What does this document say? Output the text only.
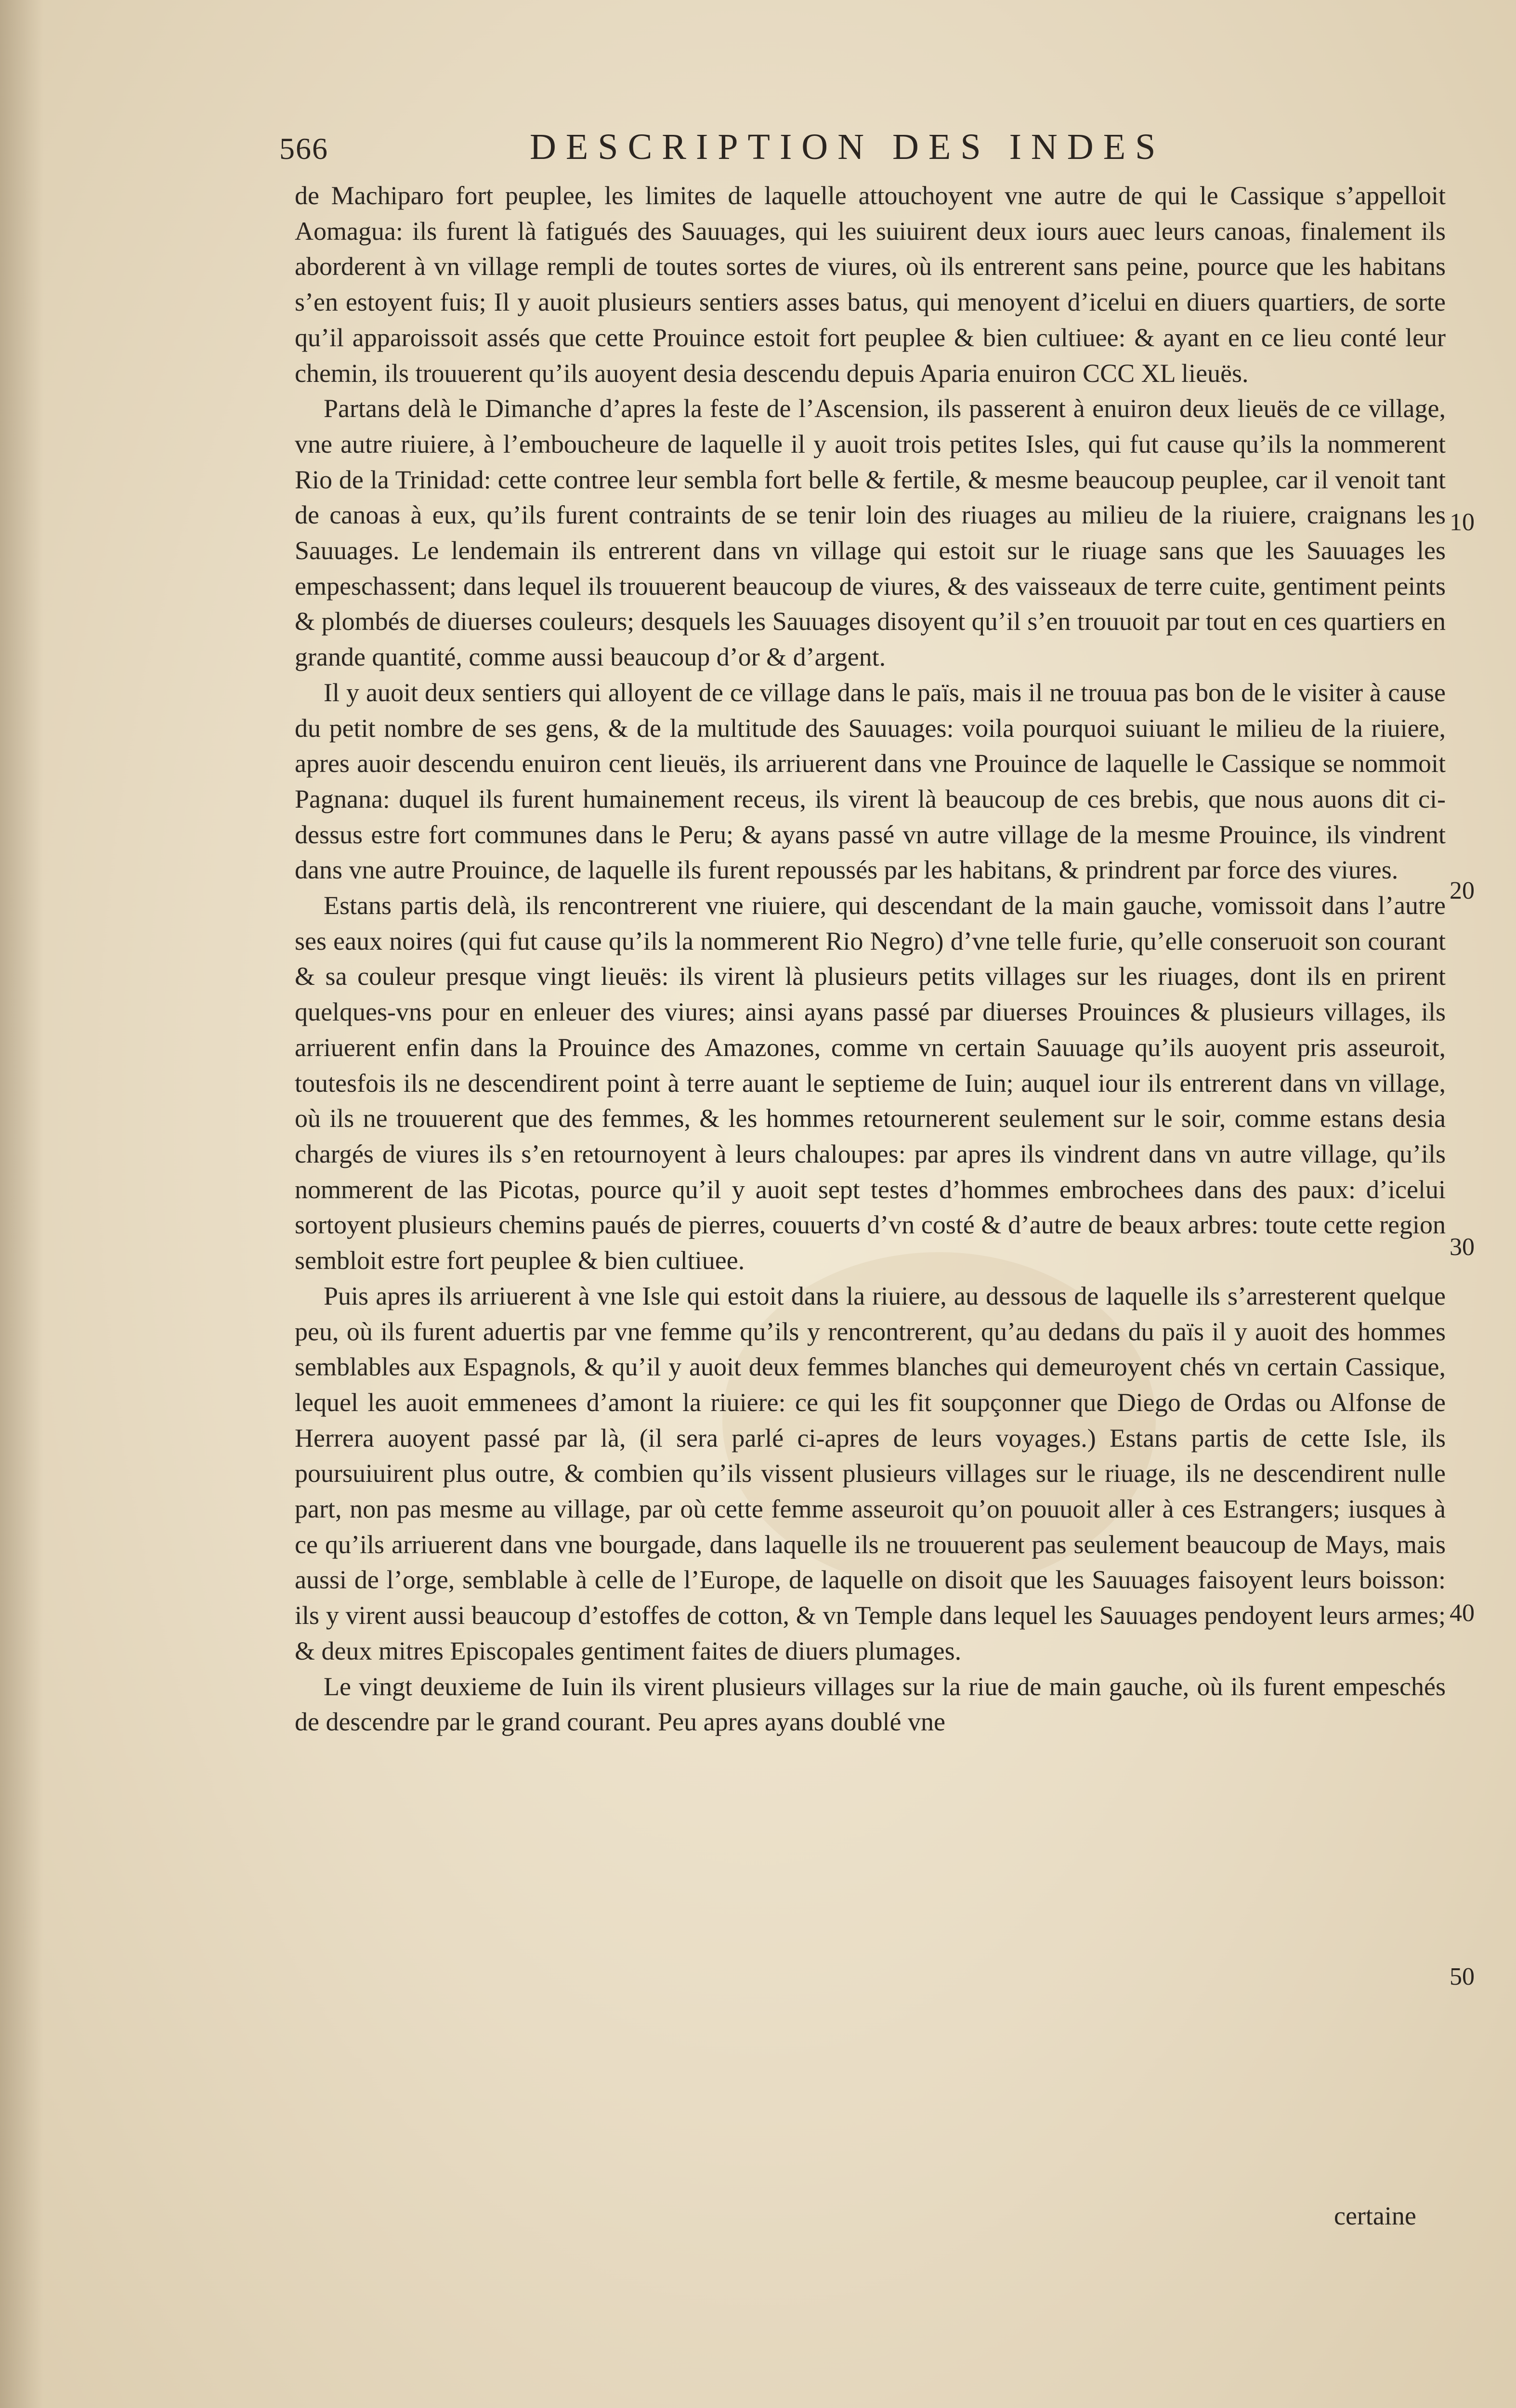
566	DESCRIPTION DES INDES

de Machiparo fort peuplee, les limites de laquelle attouchoyent vne autre de qui le Cassique s’appelloit Aomagua: ils furent là fatigués des Sauuages, qui les suiuirent deux iours auec leurs canoas, finalement ils aborderent à vn village rempli de toutes sortes de viures, où ils entrerent sans peine, pource que les habitans s’en estoyent fuis; Il y auoit plusieurs sentiers asses batus, qui menoyent d’icelui en diuers quartiers, de sorte qu’il apparoissoit assés que cette Prouince estoit fort peuplee & bien cultiuee: & ayant en ce lieu conté leur chemin, ils trouuerent qu’ils auoyent desia descendu depuis Aparia enuiron CCC XL lieuës.

Partans delà le Dimanche d’apres la feste de l’Ascension, ils passerent à enuiron deux lieuës de ce village, vne autre riuiere, à l’emboucheure de laquelle il y auoit trois petites Isles, qui fut cause qu’ils la nommerent Rio de la Trinidad: cette contree leur sembla fort belle & fertile, & mesme beaucoup peuplee, car il venoit tant de canoas à eux, qu’ils furent contraints de se tenir loin des riuages au milieu de la riuiere, craignans les Sauuages. Le lendemain ils entrerent dans vn village qui estoit sur le riuage sans que les Sauuages les empeschassent; dans lequel ils trouuerent beaucoup de viures, & des vaisseaux de terre cuite, gentiment peints & plombés de diuerses couleurs; desquels les Sauuages disoyent qu’il s’en trouuoit par tout en ces quartiers en grande quantité, comme aussi beaucoup d’or & d’argent.

Il y auoit deux sentiers qui alloyent de ce village dans le païs, mais il ne trouua pas bon de le visiter à cause du petit nombre de ses gens, & de la multitude des Sauuages: voila pourquoi suiuant le milieu de la riuiere, apres auoir descendu enuiron cent lieuës, ils arriuerent dans vne Prouince de laquelle le Cassique se nommoit Pagnana: duquel ils furent humainement receus, ils virent là beaucoup de ces brebis, que nous auons dit ci-dessus estre fort communes dans le Peru; & ayans passé vn autre village de la mesme Prouince, ils vindrent dans vne autre Prouince, de laquelle ils furent repoussés par les habitans, & prindrent par force des viures.

Estans partis delà, ils rencontrerent vne riuiere, qui descendant de la main gauche, vomissoit dans l’autre ses eaux noires (qui fut cause qu’ils la nommerent Rio Negro) d’vne telle furie, qu’elle conseruoit son courant & sa couleur presque vingt lieuës: ils virent là plusieurs petits villages sur les riuages, dont ils en prirent quelques-vns pour en enleuer des viures; ainsi ayans passé par diuerses Prouinces & plusieurs villages, ils arriuerent enfin dans la Prouince des Amazones, comme vn certain Sauuage qu’ils auoyent pris asseuroit, toutesfois ils ne descendirent point à terre auant le septieme de Iuin; auquel iour ils entrerent dans vn village, où ils ne trouuerent que des femmes, & les hommes retournerent seulement sur le soir, comme estans desia chargés de viures ils s’en retournoyent à leurs chaloupes: par apres ils vindrent dans vn autre village, qu’ils nommerent de las Picotas, pource qu’il y auoit sept testes d’hommes embrochees dans des paux: d’icelui sortoyent plusieurs chemins paués de pierres, couuerts d’vn costé & d’autre de beaux arbres: toute cette region sembloit estre fort peuplee & bien cultiuee.

Puis apres ils arriuerent à vne Isle qui estoit dans la riuiere, au dessous de laquelle ils s’arresterent quelque peu, où ils furent aduertis par vne femme qu’ils y rencontrerent, qu’au dedans du païs il y auoit des hommes semblables aux Espagnols, & qu’il y auoit deux femmes blanches qui demeuroyent chés vn certain Cassique, lequel les auoit emmenees d’amont la riuiere: ce qui les fit soupçonner que Diego de Ordas ou Alfonse de Herrera auoyent passé par là, (il sera parlé ci-apres de leurs voyages.) Estans partis de cette Isle, ils poursuiuirent plus outre, & combien qu’ils vissent plusieurs villages sur le riuage, ils ne descendirent nulle part, non pas mesme au village, par où cette femme asseuroit qu’on pouuoit aller à ces Estrangers; iusques à ce qu’ils arriuerent dans vne bourgade, dans laquelle ils ne trouuerent pas seulement beaucoup de Mays, mais aussi de l’orge, semblable à celle de l’Europe, de laquelle on disoit que les Sauuages faisoyent leurs boisson: ils y virent aussi beaucoup d’estoffes de cotton, & vn Temple dans lequel les Sauuages pendoyent leurs armes; & deux mitres Episcopales gentiment faites de diuers plumages.

Le vingt deuxieme de Iuin ils virent plusieurs villages sur la riue de main gauche, où ils furent empeschés de descendre par le grand courant. Peu apres ayans doublé vne

10
20
30
40
50
certaine
